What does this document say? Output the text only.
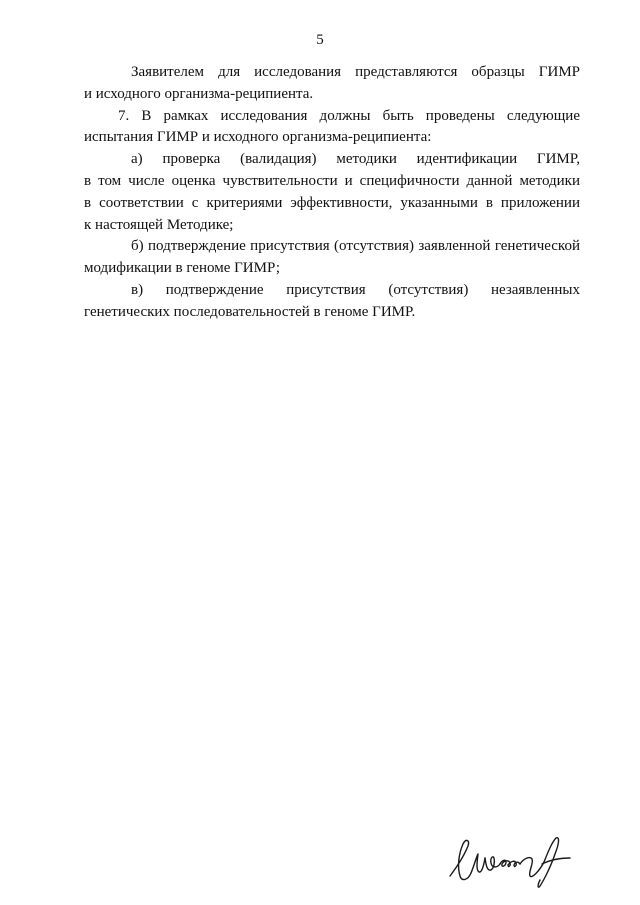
5

Заявителем для исследования представляются образцы ГИМР
и исходного организма-реципиента.

7. В рамках исследования должны быть проведены следующие
испытания ГИМР и исходного организма-реципиента:

а) проверка (валидация) методики идентификации ГИМР,
в том числе оценка чувствительности и специфичности данной методики
в соответствии с критериями эффективности, указанными в приложении
к настоящей Методике;

б) подтверждение присутствия (отсутствия) заявленной генетической
модификации в геноме ГИМР;

в) подтверждение присутствия (отсутствия) незаявленных
генетических последовательностей в геноме ГИМР.
